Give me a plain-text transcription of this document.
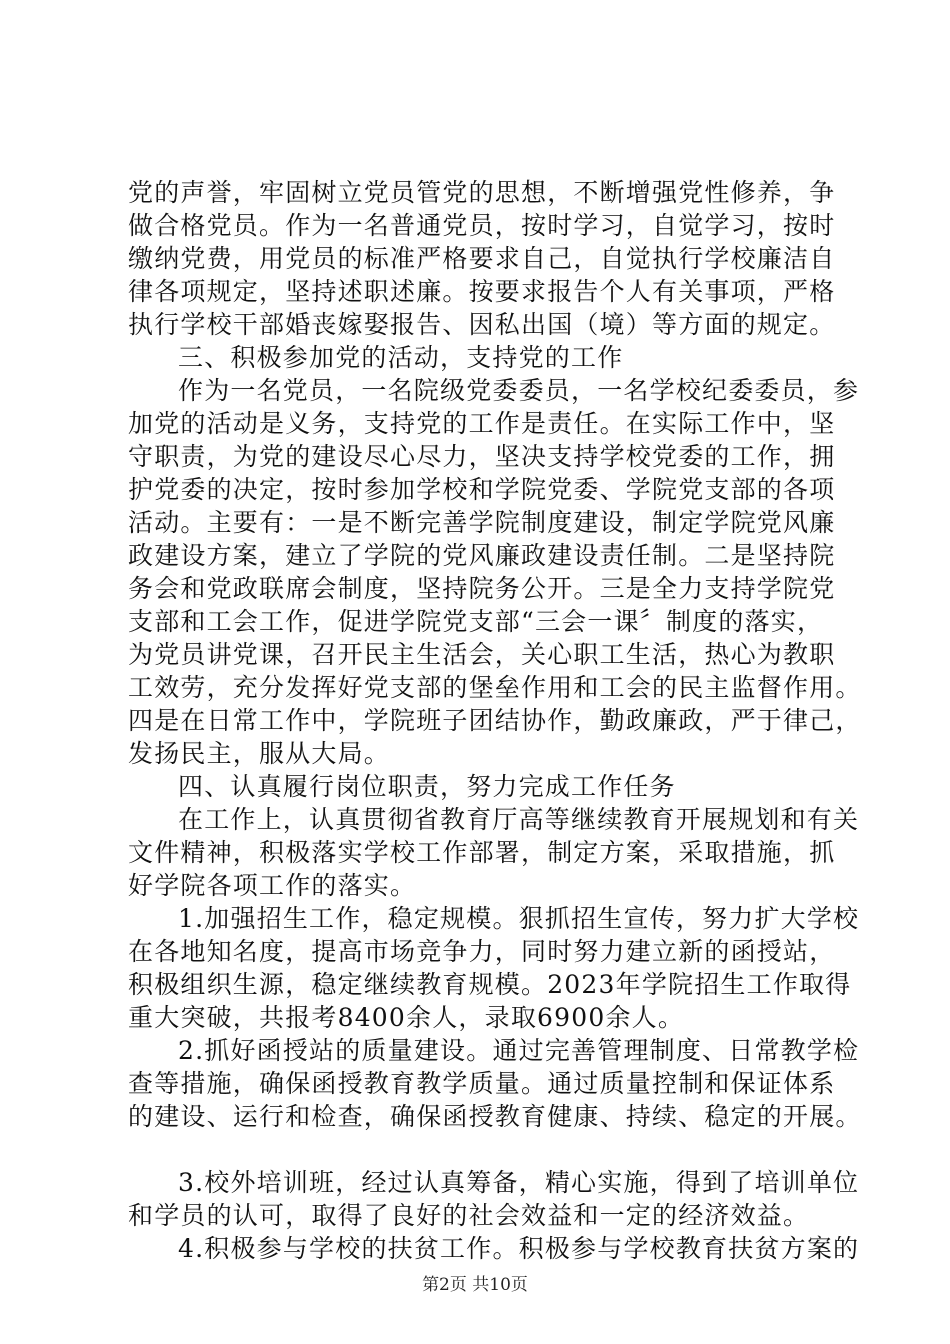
党的声誉，牢固树立党员管党的思想，不断增强党性修养，争
做合格党员。作为一名普通党员，按时学习，自觉学习，按时
缴纳党费，用党员的标准严格要求自己，自觉执行学校廉洁自
律各项规定，坚持述职述廉。按要求报告个人有关事项，严格
执行学校干部婚丧嫁娶报告、因私出国（境）等方面的规定。
三、积极参加党的活动，支持党的工作
作为一名党员，一名院级党委委员，一名学校纪委委员，参
加党的活动是义务，支持党的工作是责任。在实际工作中，坚
守职责，为党的建设尽心尽力，坚决支持学校党委的工作，拥
护党委的决定，按时参加学校和学院党委、学院党支部的各项
活动。主要有：一是不断完善学院制度建设，制定学院党风廉
政建设方案，建立了学院的党风廉政建设责任制。二是坚持院
务会和党政联席会制度，坚持院务公开。三是全力支持学院党
支部和工会工作，促进学院党支部“三会一课〞制度的落实，
为党员讲党课，召开民主生活会，关心职工生活，热心为教职
工效劳，充分发挥好党支部的堡垒作用和工会的民主监督作用。
四是在日常工作中，学院班子团结协作，勤政廉政，严于律己，
发扬民主，服从大局。
四、认真履行岗位职责，努力完成工作任务
在工作上，认真贯彻省教育厅高等继续教育开展规划和有关
文件精神，积极落实学校工作部署，制定方案，采取措施，抓
好学院各项工作的落实。
1.加强招生工作，稳定规模。狠抓招生宣传，努力扩大学校
在各地知名度，提高市场竞争力，同时努力建立新的函授站，
积极组织生源，稳定继续教育规模。2023年学院招生工作取得
重大突破，共报考8400余人，录取6900余人。
2.抓好函授站的质量建设。通过完善管理制度、日常教学检
查等措施，确保函授教育教学质量。通过质量控制和保证体系
的建设、运行和检查，确保函授教育健康、持续、稳定的开展。
3.校外培训班，经过认真筹备，精心实施，得到了培训单位
和学员的认可，取得了良好的社会效益和一定的经济效益。
4.积极参与学校的扶贫工作。积极参与学校教育扶贫方案的
第2页 共10页
